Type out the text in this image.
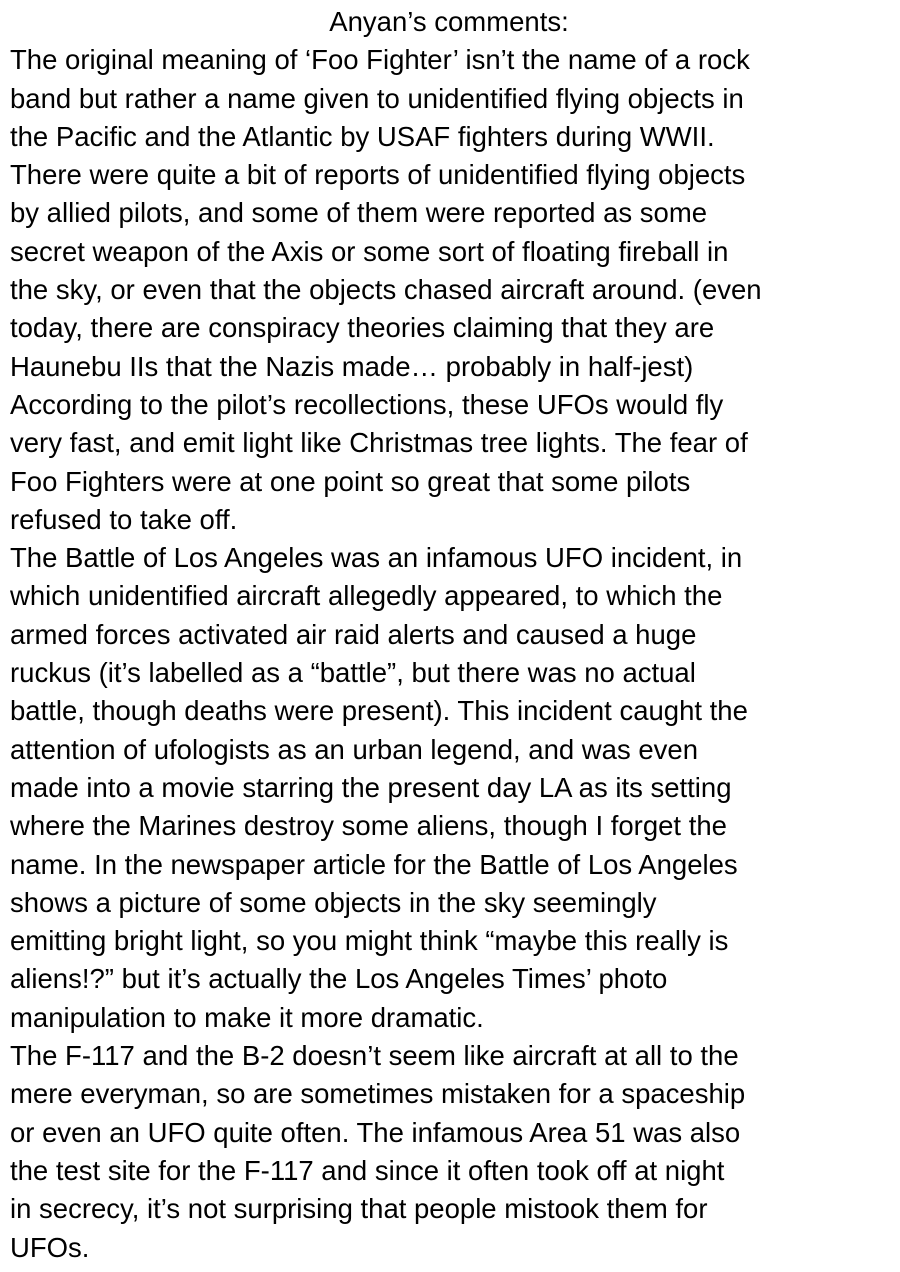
Anyan’s comments:
The original meaning of ‘Foo Fighter’ isn’t the name of a rock
band but rather a name given to unidentified flying objects in
the Pacific and the Atlantic by USAF fighters during WWII.
There were quite a bit of reports of unidentified flying objects
by allied pilots, and some of them were reported as some
secret weapon of the Axis or some sort of floating fireball in
the sky, or even that the objects chased aircraft around. (even
today, there are conspiracy theories claiming that they are
Haunebu IIs that the Nazis made… probably in half-jest)
According to the pilot’s recollections, these UFOs would fly
very fast, and emit light like Christmas tree lights. The fear of
Foo Fighters were at one point so great that some pilots
refused to take off.
The Battle of Los Angeles was an infamous UFO incident, in
which unidentified aircraft allegedly appeared, to which the
armed forces activated air raid alerts and caused a huge
ruckus (it’s labelled as a “battle”, but there was no actual
battle, though deaths were present). This incident caught the
attention of ufologists as an urban legend, and was even
made into a movie starring the present day LA as its setting
where the Marines destroy some aliens, though I forget the
name. In the newspaper article for the Battle of Los Angeles
shows a picture of some objects in the sky seemingly
emitting bright light, so you might think “maybe this really is
aliens!?” but it’s actually the Los Angeles Times’ photo
manipulation to make it more dramatic.
The F-117 and the B-2 doesn’t seem like aircraft at all to the
mere everyman, so are sometimes mistaken for a spaceship
or even an UFO quite often. The infamous Area 51 was also
the test site for the F-117 and since it often took off at night
in secrecy, it’s not surprising that people mistook them for
UFOs.
